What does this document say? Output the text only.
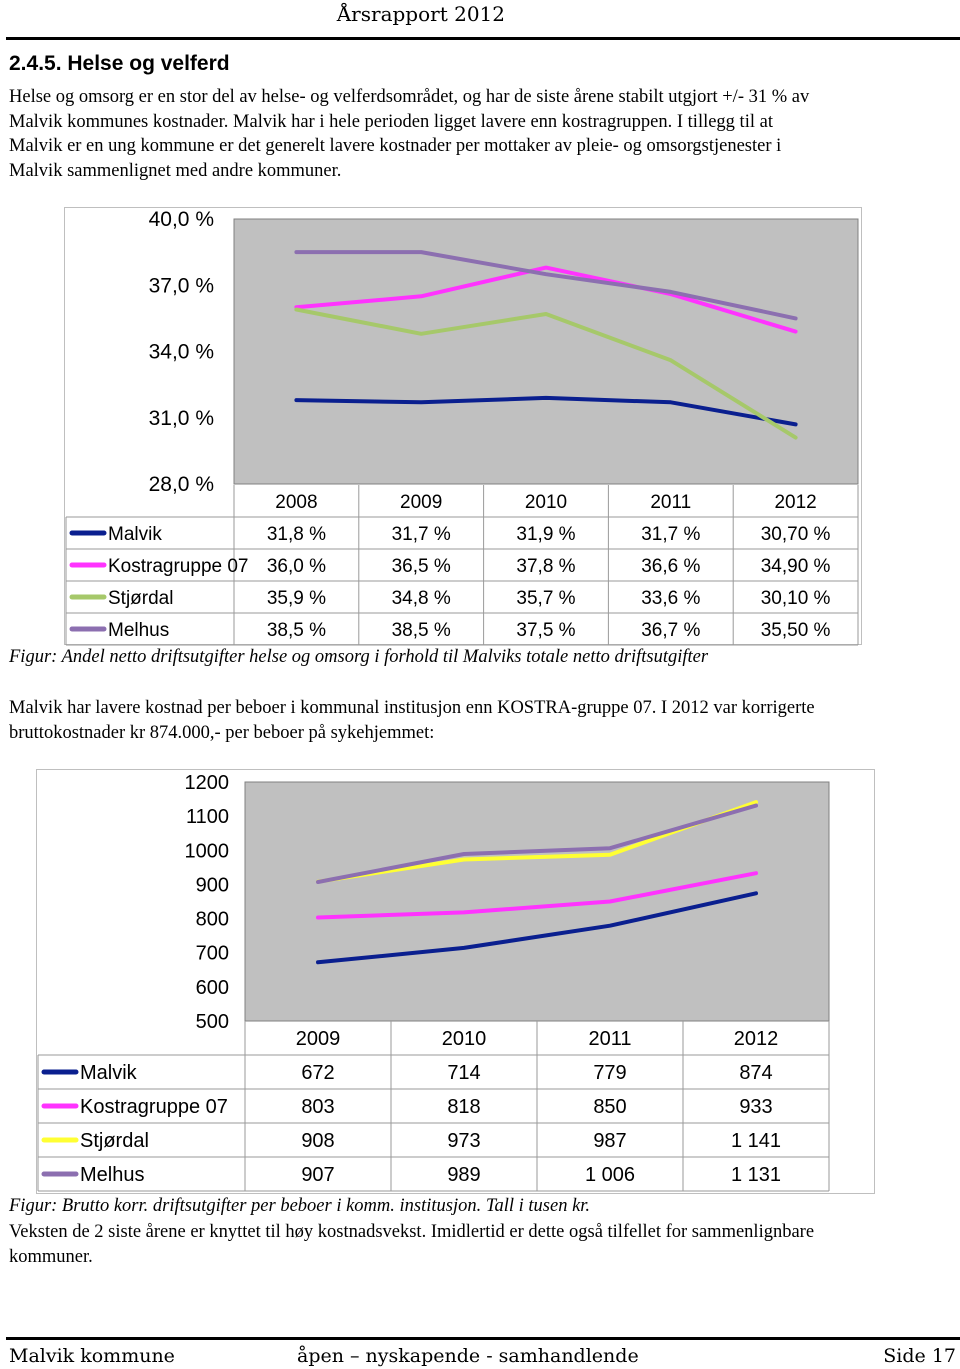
Årsrapport 2012
2.4.5. Helse og velferd
Helse og omsorg er en stor del av helse- og velferdsområdet, og har de siste årene stabilt utgjort +/- 31 % av
Malvik kommunes kostnader. Malvik har i hele perioden ligget lavere enn kostragruppen. I tillegg til at
Malvik er en ung kommune er det generelt lavere kostnader per mottaker av pleie- og omsorgstjenester i
Malvik sammenlignet med andre kommuner.
40,0 %
37,0 %
34,0 %
31,0 %
28,0 %
2008	2009	2010	2011	2012
Malvik	31,8 %	31,7 %	31,9 %	31,7 %	30,70 %
Kostragruppe 07 36,0 %	36,5 %	37,8 %	36,6 %	34,90 %
Stjørdal	35,9 %	34,8 %	35,7 %	33,6 %	30,10 %
Melhus	38,5 %	38,5 %	37,5 %	36,7 %	35,50 %
Figur: Andel netto driftsutgifter helse og omsorg i forhold til Malviks totale netto driftsutgifter
Malvik har lavere kostnad per beboer i kommunal institusjon enn KOSTRA-gruppe 07. I 2012 var korrigerte
bruttokostnader kr 874.000,- per beboer på sykehjemmet:
1200
1100
1000
900
800
700
600
500
2009	2010	2011	2012
Malvik	672	714	779	874
Kostragruppe 07	803	818	850	933
Stjørdal	908	973	987	1 141
Melhus	907	989	1 006	1 131
Figur: Brutto korr. driftsutgifter per beboer i komm. institusjon. Tall i tusen kr.
Veksten de 2 siste årene er knyttet til høy kostnadsvekst. Imidlertid er dette også tilfellet for sammenlignbare
kommuner.
Malvik kommune	åpen – nyskapende - samhandlende	Side 17
